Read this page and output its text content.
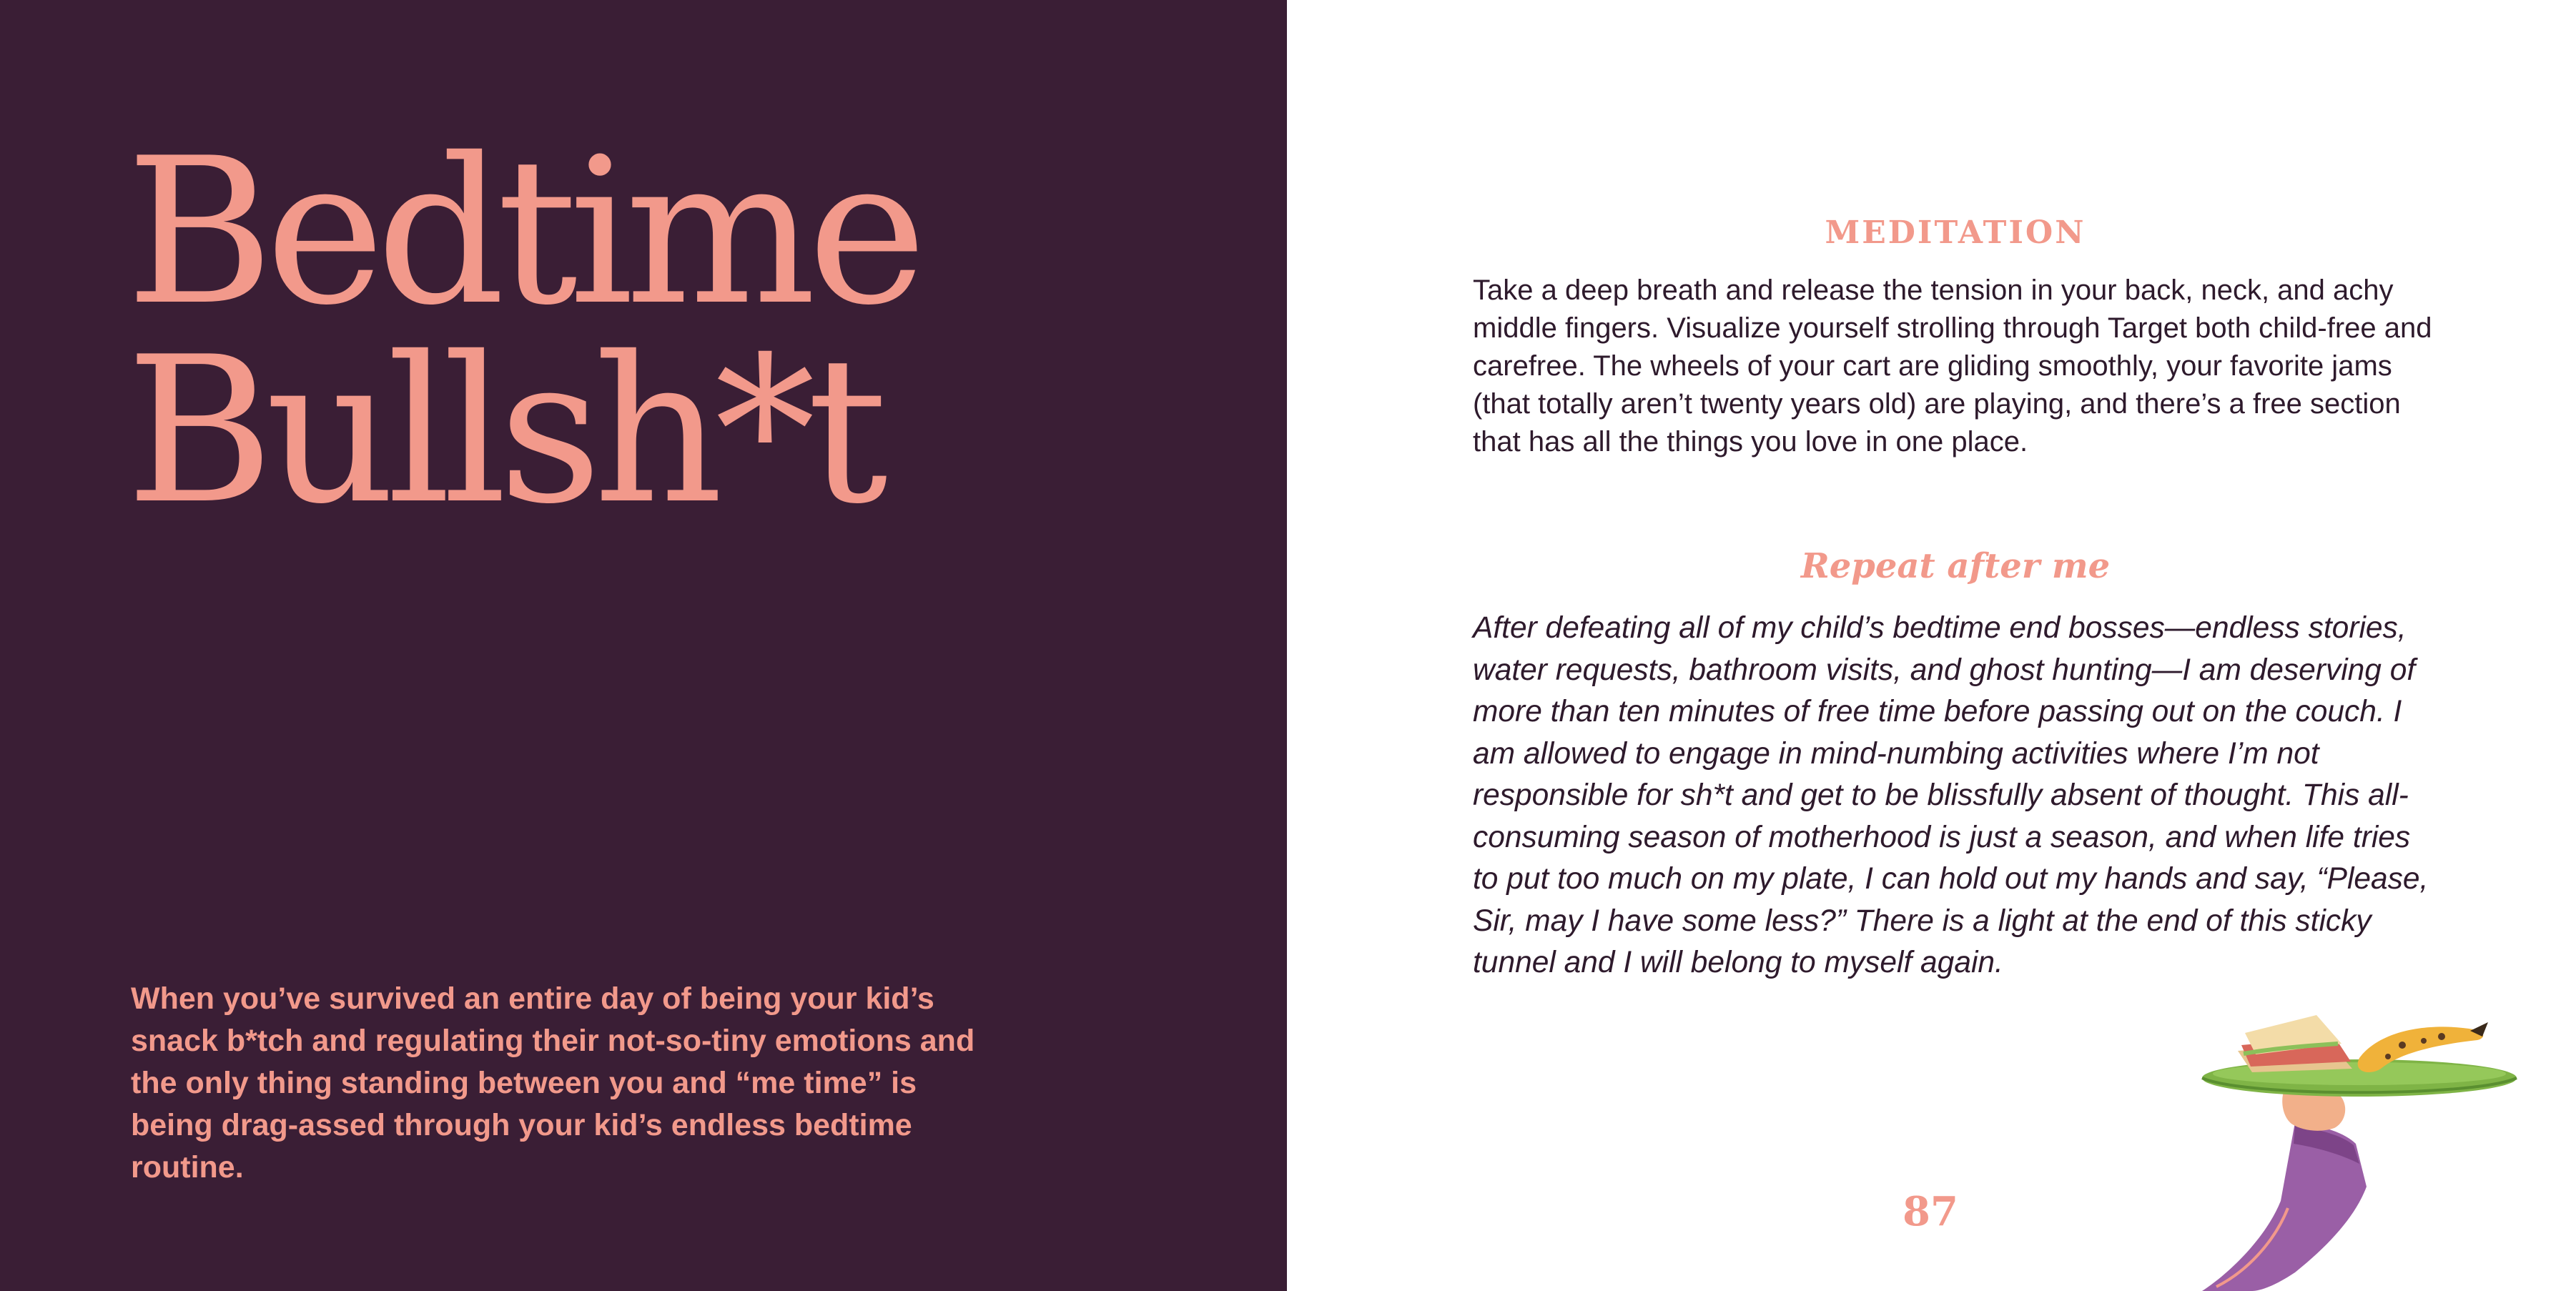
Bedtime
Bullsh*t

When you’ve survived an entire day of being your kid’s snack b*tch and regulating their not-so-tiny emotions and the only thing standing between you and “me time” is being drag-assed through your kid’s endless bedtime routine.

MEDITATION

Take a deep breath and release the tension in your back, neck, and achy middle fingers. Visualize yourself strolling through Target both child-free and carefree. The wheels of your cart are gliding smoothly, your favorite jams (that totally aren’t twenty years old) are playing, and there’s a free section that has all the things you love in one place.

Repeat after me

After defeating all of my child’s bedtime end bosses—endless stories, water requests, bathroom visits, and ghost hunting—I am deserving of more than ten minutes of free time before passing out on the couch. I am allowed to engage in mind-numbing activities where I’m not responsible for sh*t and get to be blissfully absent of thought. This all-consuming season of motherhood is just a season, and when life tries to put too much on my plate, I can hold out my hands and say, “Please, Sir, may I have some less?” There is a light at the end of this sticky tunnel and I will belong to myself again.

87
